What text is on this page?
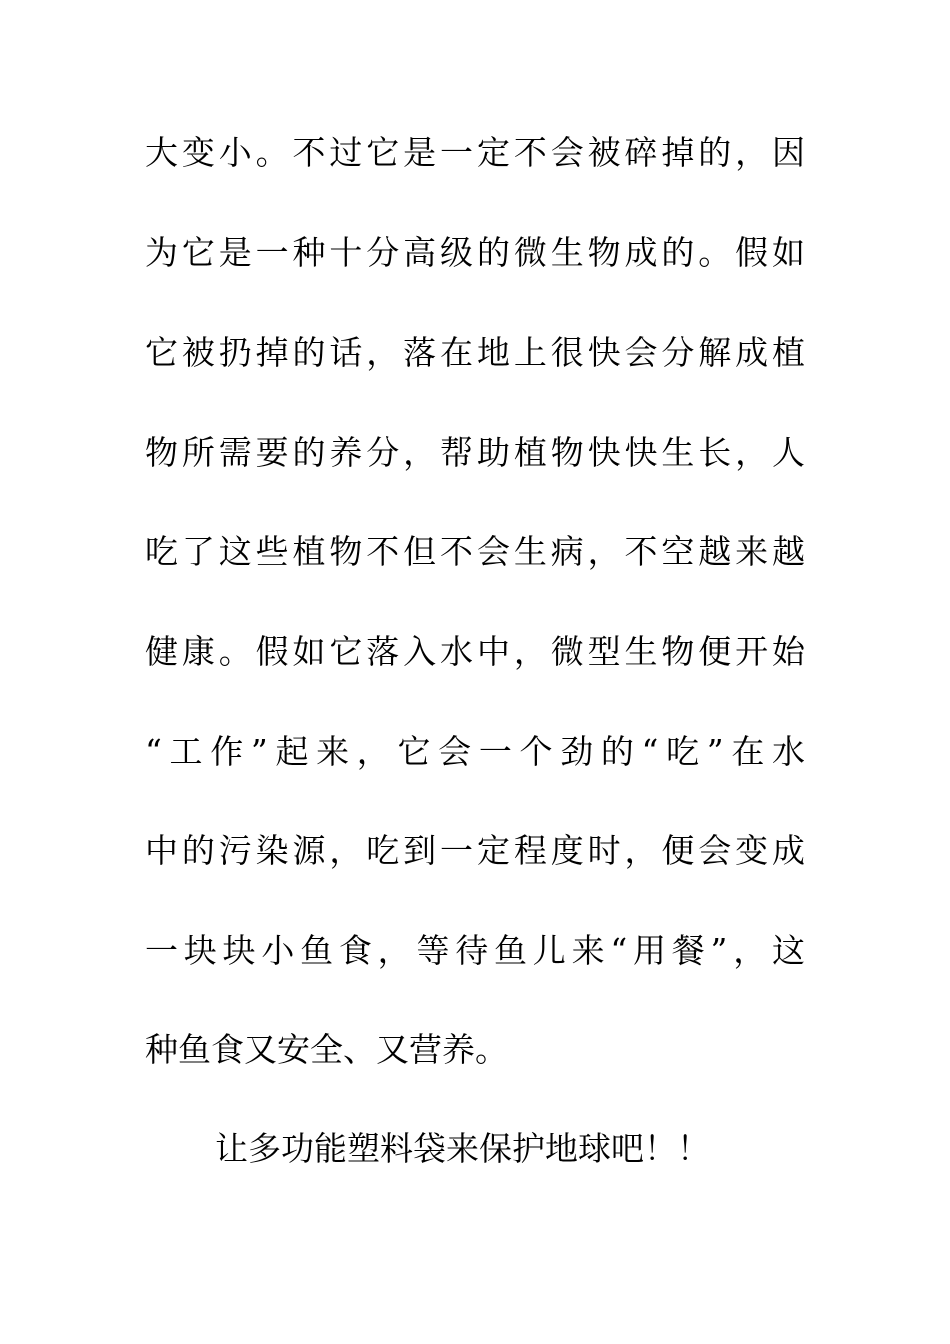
大变小。不过它是一定不会被碎掉的，因
为它是一种十分高级的微生物成的。假如
它被扔掉的话，落在地上很快会分解成植
物所需要的养分，帮助植物快快生长，人
吃了这些植物不但不会生病，不空越来越
健康。假如它落入水中，微型生物便开始
“工作”起来，它会一个劲的“吃”在水
中的污染源，吃到一定程度时，便会变成
一块块小鱼食，等待鱼儿来“用餐”，这
种鱼食又安全、又营养。
让多功能塑料袋来保护地球吧！！
